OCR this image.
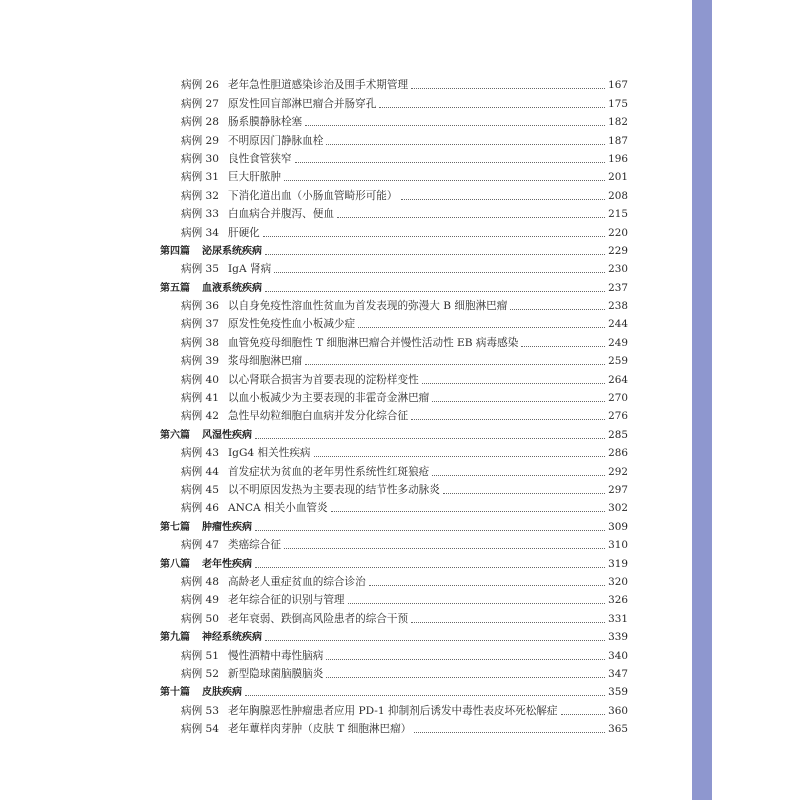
病例 26 老年急性胆道感染诊治及围手术期管理	167
病例 27 原发性回盲部淋巴瘤合并肠穿孔	175
病例 28 肠系膜静脉栓塞	182
病例 29 不明原因门静脉血栓	187
病例 30 良性食管狭窄	196
病例 31 巨大肝脓肿	201
病例 32 下消化道出血（小肠血管畸形可能）	208
病例 33 白血病合并腹泻、便血	215
病例 34 肝硬化	220
第四篇	泌尿系统疾病	229
病例 35 IgA 肾病	230
第五篇	血液系统疾病	237
病例 36 以自身免疫性溶血性贫血为首发表现的弥漫大 B 细胞淋巴瘤	238
病例 37 原发性免疫性血小板减少症	244
病例 38 血管免疫母细胞性 T 细胞淋巴瘤合并慢性活动性 EB 病毒感染	249
病例 39 浆母细胞淋巴瘤	259
病例 40 以心肾联合损害为首要表现的淀粉样变性	264
病例 41 以血小板减少为主要表现的非霍奇金淋巴瘤	270
病例 42 急性早幼粒细胞白血病并发分化综合征	276
第六篇	风湿性疾病	285
病例 43 IgG4 相关性疾病	286
病例 44 首发症状为贫血的老年男性系统性红斑狼疮	292
病例 45 以不明原因发热为主要表现的结节性多动脉炎	297
病例 46 ANCA 相关小血管炎	302
第七篇	肿瘤性疾病	309
病例 47 类癌综合征	310
第八篇	老年性疾病	319
病例 48 高龄老人重症贫血的综合诊治	320
病例 49 老年综合征的识别与管理	326
病例 50 老年衰弱、跌倒高风险患者的综合干预	331
第九篇	神经系统疾病	339
病例 51 慢性酒精中毒性脑病	340
病例 52 新型隐球菌脑膜脑炎	347
第十篇	皮肤疾病	359
病例 53 老年胸腺恶性肿瘤患者应用 PD-1 抑制剂后诱发中毒性表皮坏死松解症	360
病例 54 老年蕈样肉芽肿（皮肤 T 细胞淋巴瘤）	365
